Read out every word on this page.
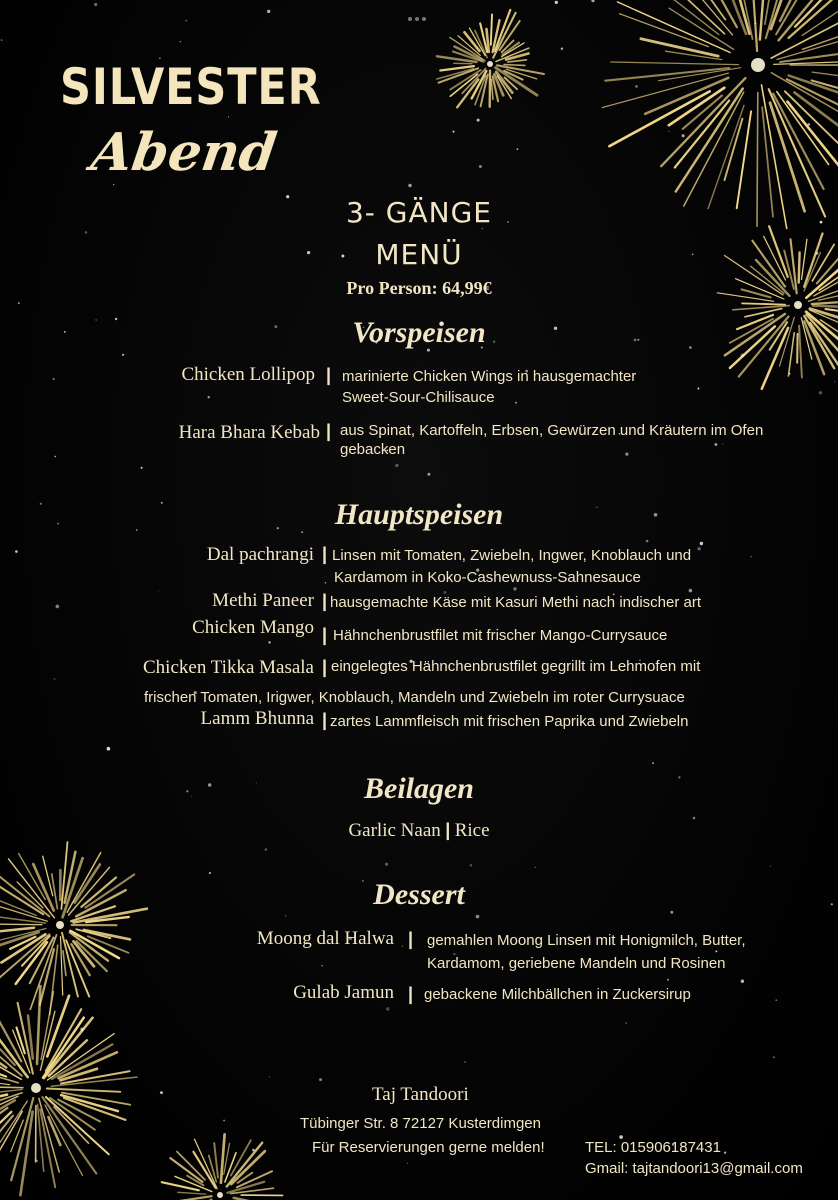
SILVESTER
Abend
3- GÄNGE
MENÜ
Pro Person: 64,99€
Vorspeisen
Chicken Lollipop | marinierte Chicken Wings in hausgemachter
Sweet-Sour-Chilisauce
Hara Bhara Kebab | aus Spinat, Kartoffeln, Erbsen, Gewürzen und Kräutern im Ofen
gebacken
Hauptspeisen
Dal pachrangi | Linsen mit Tomaten, Zwiebeln, Ingwer, Knoblauch und
Kardamom in Koko-Cashewnuss-Sahnesauce
Methi Paneer | hausgemachte Käse mit Kasuri Methi nach indischer art
Chicken Mango | Hähnchenbrustfilet mit frischer Mango-Currysauce
Chicken Tikka Masala | eingelegtes Hähnchenbrustfilet gegrillt im Lehmofen mit
frischen Tomaten, Irigwer, Knoblauch, Mandeln und Zwiebeln im roter Currysuace
Lamm Bhunna | zartes Lammfleisch mit frischen Paprika und Zwiebeln
Beilagen
Garlic Naan | Rice
Dessert
Moong dal Halwa | gemahlen Moong Linsen mit Honigmilch, Butter,
Kardamom, geriebene Mandeln und Rosinen
Gulab Jamun | gebackene Milchbällchen in Zuckersirup
Taj Tandoori
Tübinger Str. 8 72127 Kusterdimgen
Für Reservierungen gerne melden!	TEL: 015906187431
Gmail: tajtandoori13@gmail.com
